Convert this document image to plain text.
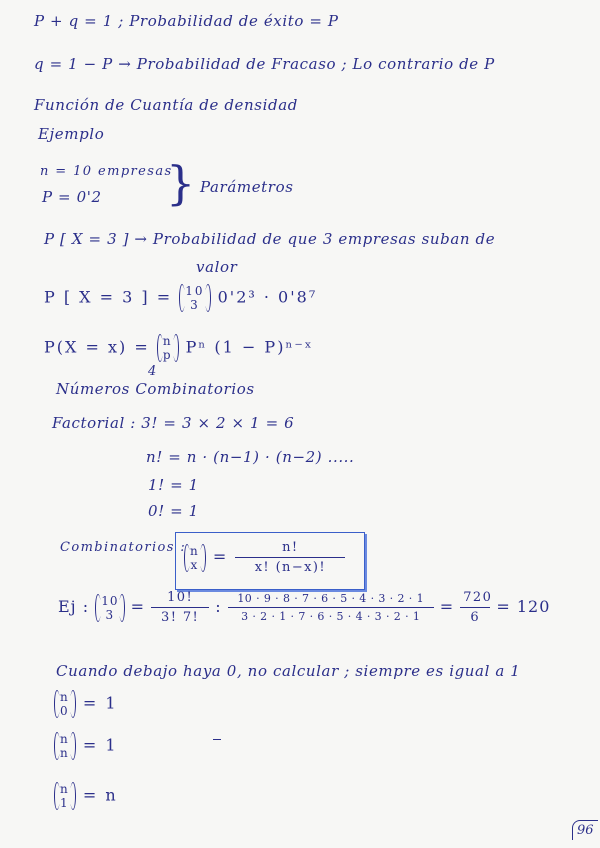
P + q = 1 ; Probabilidad de éxito = P
q = 1 − P → Probabilidad de Fracaso ; Lo contrario de P
Función de Cuantía de densidad
Ejemplo
n = 10 empresas
P = 0'2 } Parámetros
P [ X = 3 ] → Probabilidad de que 3 empresas suban de
valor
P [ X = 3 ] = 10
3	0'2³ · 0'8⁷
P(X = x) = n
p Pⁿ (1 − P)ⁿ⁻ˣ
4
Números Combinatorios
Factorial : 3! = 3 × 2 × 1 = 6
n! = n · (n−1) · (n−2) .....
1! = 1
0! = 1
Combinatorios : n
$x = \frac{n!}{x! (n-x)!}$
Ej : 10
$3 = \frac{10!}{3! 7!}$ : $\frac{10 \cdot 9 \cdot 8 \cdot 7 \cdot 6 \cdot 5 \cdot 4 \cdot 3 \cdot 2 \cdot 1}{3 \cdot 2 \cdot 1 \cdot 7 \cdot 6 \cdot 5 \cdot 4 \cdot 3 \cdot 2 \cdot 1} = \frac{720}{6} = 120$
Cuando debajo haya 0, no calcular ; siempre es igual a 1
n
0 = 1
n
n = 1
n
1 = n
96
